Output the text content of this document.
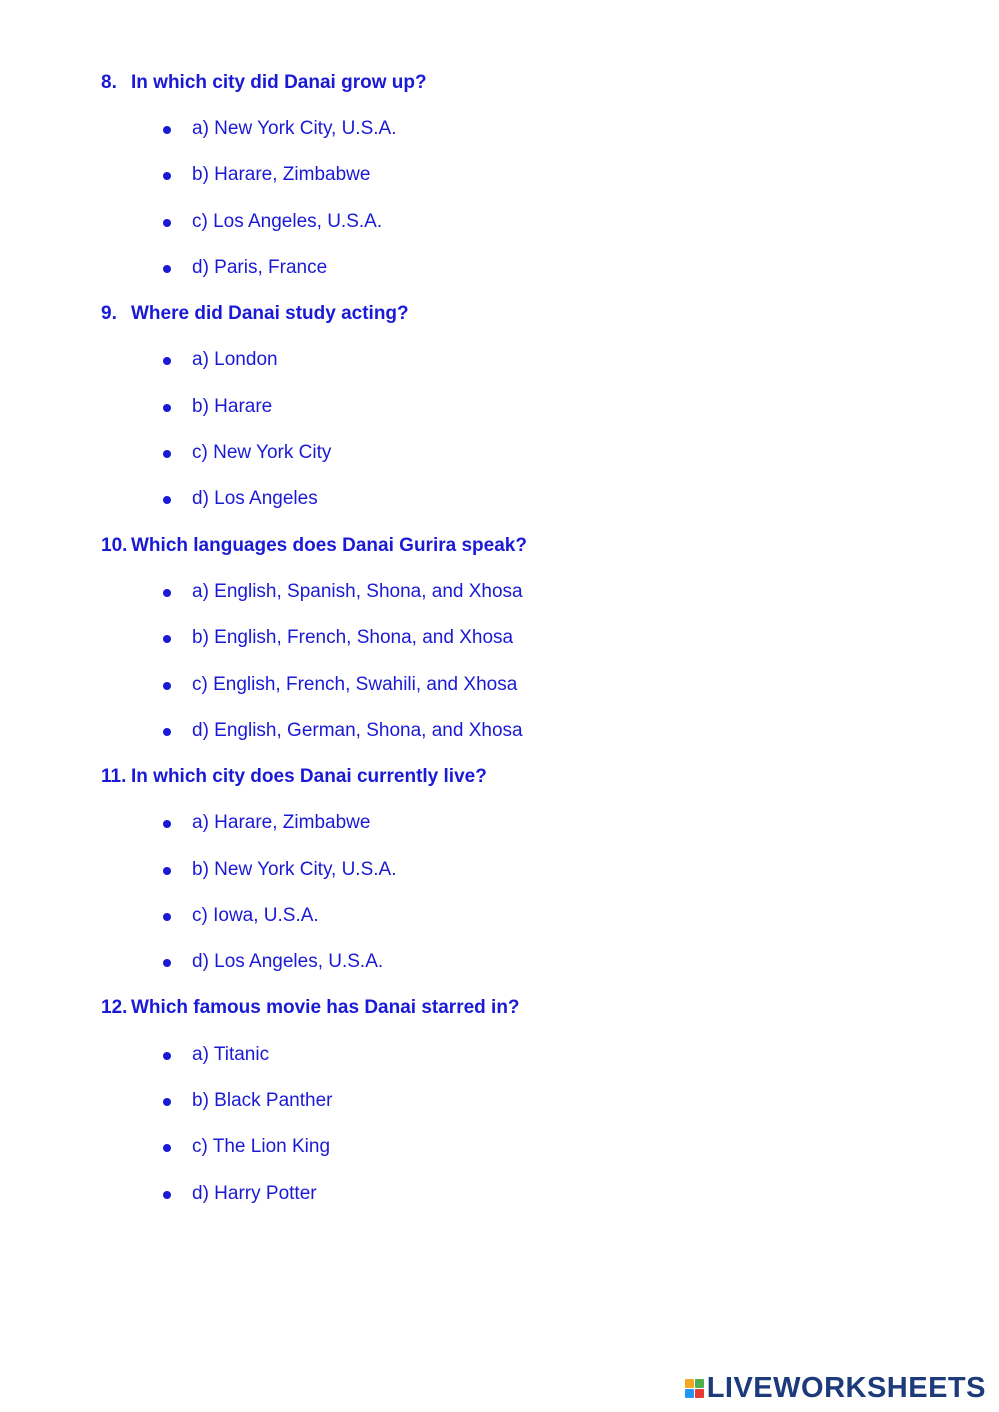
8. In which city did Danai grow up?
a) New York City, U.S.A.
b) Harare, Zimbabwe
c) Los Angeles, U.S.A.
d) Paris, France
9. Where did Danai study acting?
a) London
b) Harare
c) New York City
d) Los Angeles
10. Which languages does Danai Gurira speak?
a) English, Spanish, Shona, and Xhosa
b) English, French, Shona, and Xhosa
c) English, French, Swahili, and Xhosa
d) English, German, Shona, and Xhosa
11. In which city does Danai currently live?
a) Harare, Zimbabwe
b) New York City, U.S.A.
c) Iowa, U.S.A.
d) Los Angeles, U.S.A.
12. Which famous movie has Danai starred in?
a) Titanic
b) Black Panther
c) The Lion King
d) Harry Potter
LIVEWORKSHEETS
